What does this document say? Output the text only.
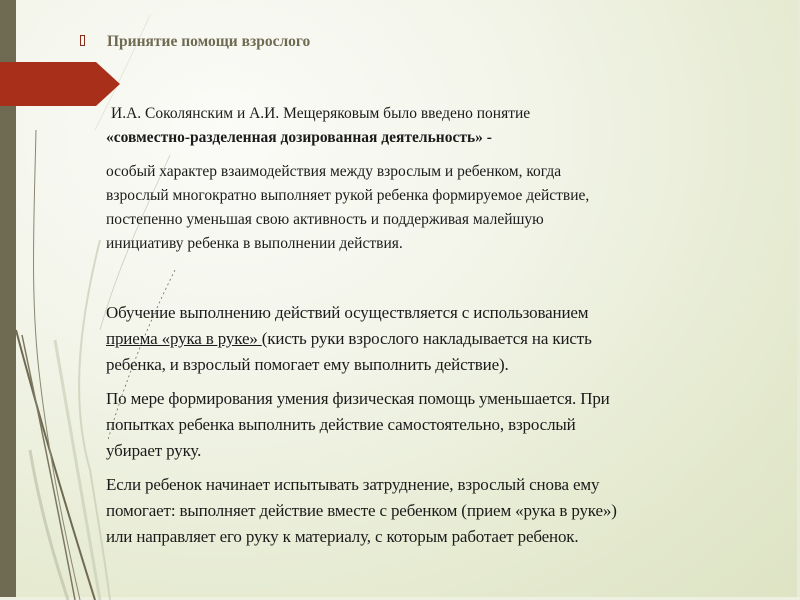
Принятие помощи взрослого
И.А. Соколянским и А.И. Мещеряковым было введено понятие
«совместно-разделенная дозированная деятельность» -
особый характер взаимодействия между взрослым и ребенком, когда
взрослый многократно выполняет рукой ребенка формируемое действие,
постепенно уменьшая свою активность и поддерживая малейшую
инициативу ребенка в выполнении действия.
Обучение выполнению действий осуществляется с использованием
приема «рука в руке» (кисть руки взрослого накладывается на кисть
ребенка, и взрослый помогает ему выполнить действие).
По мере формирования умения физическая помощь уменьшается. При
попытках ребенка выполнить действие самостоятельно, взрослый
убирает руку.
Если ребенок начинает испытывать затруднение, взрослый снова ему
помогает: выполняет действие вместе с ребенком (прием «рука в руке»)
или направляет его руку к материалу, с которым работает ребенок.
